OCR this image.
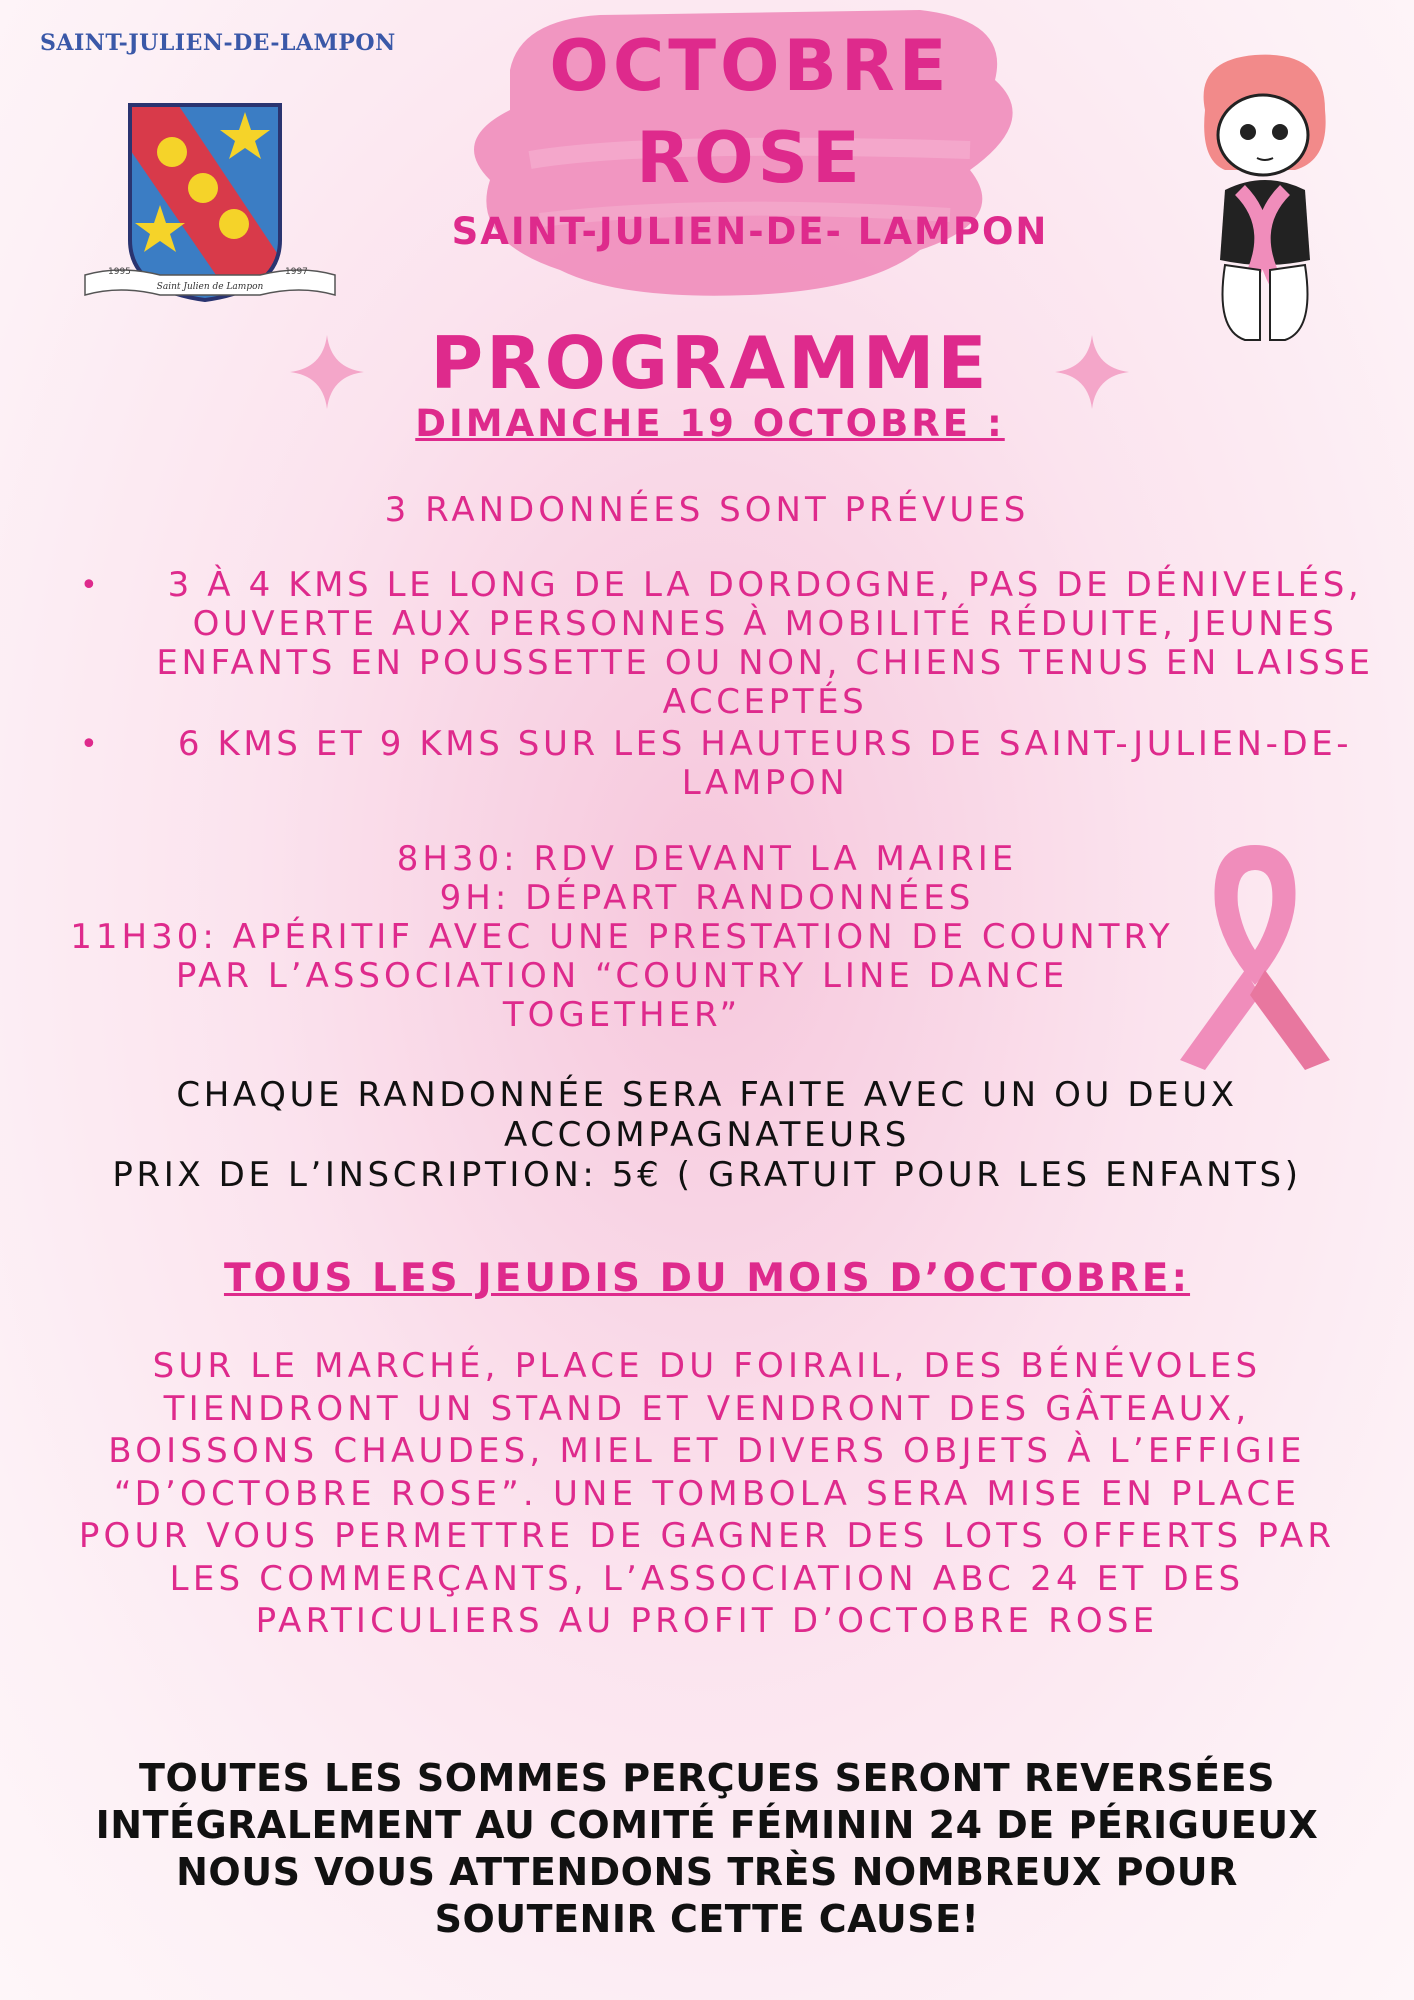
SAINT-JULIEN-DE-LAMPON
1995	1997
Saint Julien de Lampon
OCTOBRE
ROSE
SAINT-JULIEN-DE- LAMPON
PROGRAMME
DIMANCHE 19 OCTOBRE :
3 RANDONNÉES SONT PRÉVUES
•	3 À 4 KMS LE LONG DE LA DORDOGNE, PAS DE DÉNIVELÉS, OUVERTE AUX PERSONNES À MOBILITÉ RÉDUITE, JEUNES ENFANTS EN POUSSETTE OU NON, CHIENS TENUS EN LAISSE ACCEPTÉS
•	6 KMS ET 9 KMS SUR LES HAUTEURS DE SAINT-JULIEN-DE-LAMPON
8H30: RDV DEVANT LA MAIRIE
9H: DÉPART RANDONNÉES
11H30: APÉRITIF AVEC UNE PRESTATION DE COUNTRY PAR L’ASSOCIATION “COUNTRY LINE DANCE TOGETHER”
CHAQUE RANDONNÉE SERA FAITE AVEC UN OU DEUX ACCOMPAGNATEURS
PRIX DE L’INSCRIPTION: 5€ ( GRATUIT POUR LES ENFANTS)
TOUS LES JEUDIS DU MOIS D’OCTOBRE:
SUR LE MARCHÉ, PLACE DU FOIRAIL, DES BÉNÉVOLES TIENDRONT UN STAND ET VENDRONT DES GÂTEAUX, BOISSONS CHAUDES, MIEL ET DIVERS OBJETS À L’EFFIGIE “D’OCTOBRE ROSE”. UNE TOMBOLA SERA MISE EN PLACE POUR VOUS PERMETTRE DE GAGNER DES LOTS OFFERTS PAR LES COMMERÇANTS, L’ASSOCIATION ABC 24 ET DES PARTICULIERS AU PROFIT D’OCTOBRE ROSE
TOUTES LES SOMMES PERÇUES SERONT REVERSÉES INTÉGRALEMENT AU COMITÉ FÉMININ 24 DE PÉRIGUEUX
NOUS VOUS ATTENDONS TRÈS NOMBREUX POUR SOUTENIR CETTE CAUSE!
